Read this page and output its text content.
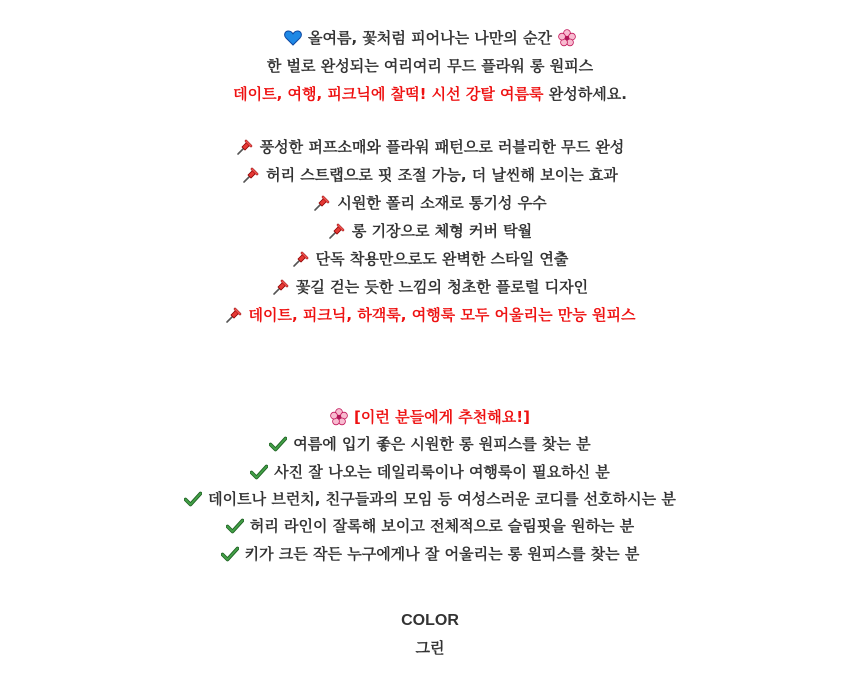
올여름, 꽃처럼 피어나는 나만의 순간
한 벌로 완성되는 여리여리 무드 플라워 롱 원피스
데이트, 여행, 피크닉에 찰떡! 시선 강탈 여름룩 완성하세요.
풍성한 퍼프소매와 플라워 패턴으로 러블리한 무드 완성
허리 스트랩으로 핏 조절 가능, 더 날씬해 보이는 효과
시원한 폴리 소재로 통기성 우수
롱 기장으로 체형 커버 탁월
단독 착용만으로도 완벽한 스타일 연출
꽃길 걷는 듯한 느낌의 청초한 플로럴 디자인
데이트, 피크닉, 하객룩, 여행룩 모두 어울리는 만능 원피스
[이런 분들에게 추천해요!]
여름에 입기 좋은 시원한 롱 원피스를 찾는 분
사진 잘 나오는 데일리룩이나 여행룩이 필요하신 분
데이트나 브런치, 친구들과의 모임 등 여성스러운 코디를 선호하시는 분
허리 라인이 잘록해 보이고 전체적으로 슬림핏을 원하는 분
키가 크든 작든 누구에게나 잘 어울리는 롱 원피스를 찾는 분
COLOR
그린
